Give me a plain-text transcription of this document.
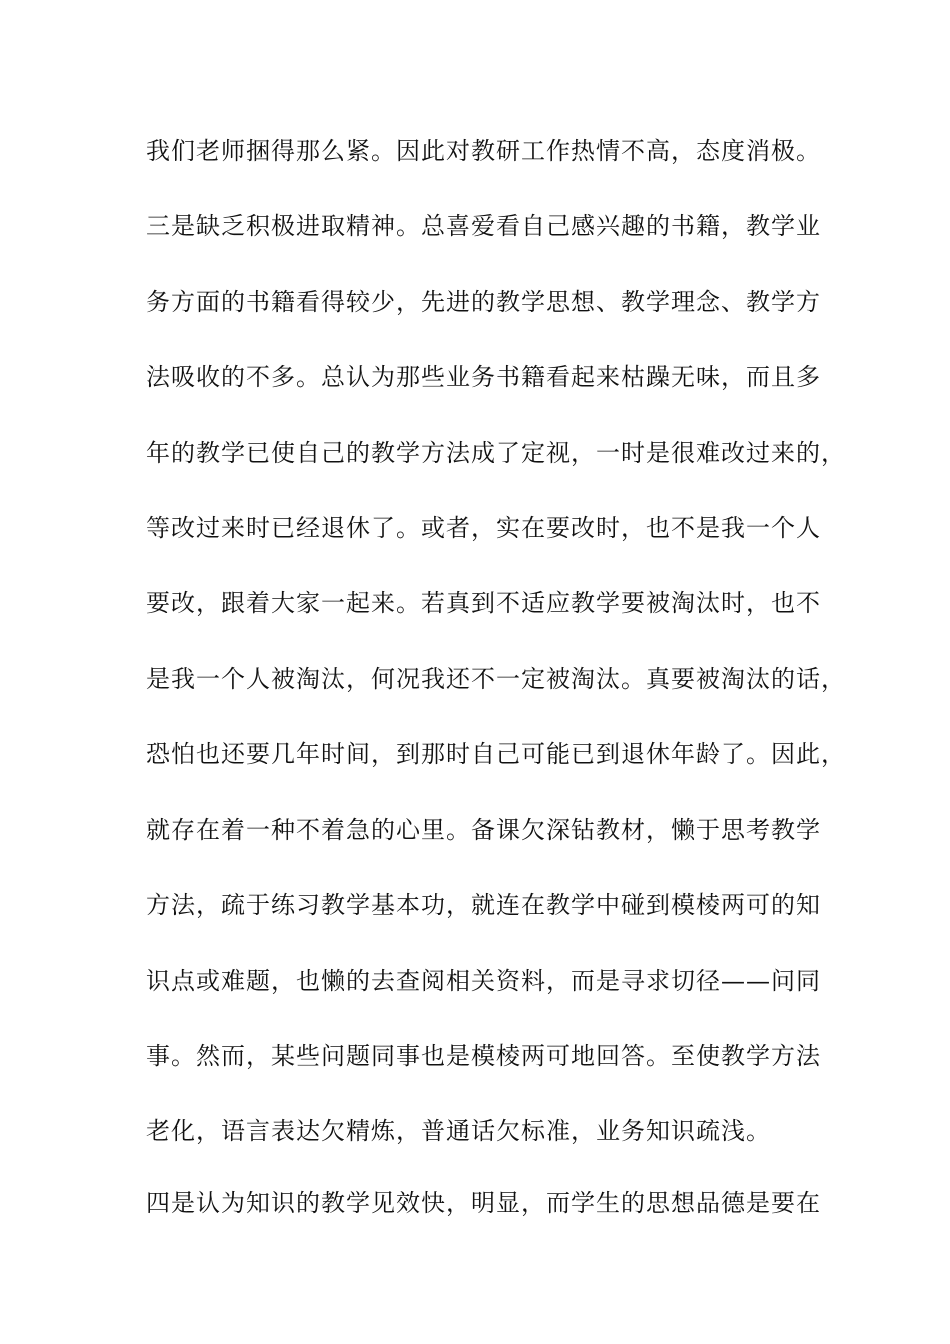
我们老师捆得那么紧。因此对教研工作热情不高，态度消极。
三是缺乏积极进取精神。总喜爱看自己感兴趣的书籍，教学业
务方面的书籍看得较少，先进的教学思想、教学理念、教学方
法吸收的不多。总认为那些业务书籍看起来枯躁无味，而且多
年的教学已使自己的教学方法成了定视，一时是很难改过来的，
等改过来时已经退休了。或者，实在要改时，也不是我一个人
要改，跟着大家一起来。若真到不适应教学要被淘汰时，也不
是我一个人被淘汰，何况我还不一定被淘汰。真要被淘汰的话，
恐怕也还要几年时间，到那时自己可能已到退休年龄了。因此，
就存在着一种不着急的心里。备课欠深钻教材，懒于思考教学
方法，疏于练习教学基本功，就连在教学中碰到模棱两可的知
识点或难题，也懒的去查阅相关资料，而是寻求切径——问同
事。然而，某些问题同事也是模棱两可地回答。至使教学方法
老化，语言表达欠精炼，普通话欠标准，业务知识疏浅。
四是认为知识的教学见效快，明显，而学生的思想品德是要在
